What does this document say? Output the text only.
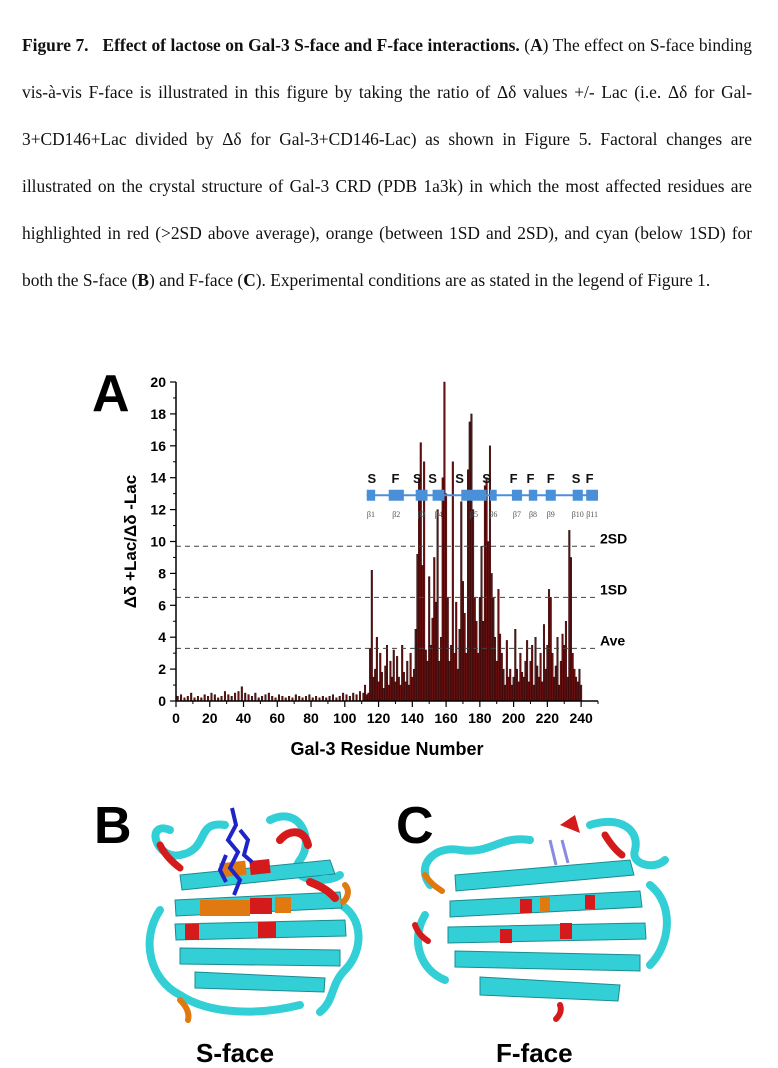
Figure 7. Effect of lactose on Gal-3 S-face and F-face interactions. (A) The effect on S-face binding vis-à-vis F-face is illustrated in this figure by taking the ratio of Δδ values +/- Lac (i.e. Δδ for Gal-3+CD146+Lac divided by Δδ for Gal-3+CD146-Lac) as shown in Figure 5. Factoral changes are illustrated on the crystal structure of Gal-3 CRD (PDB 1a3k) in which the most affected residues are highlighted in red (>2SD above average), orange (between 1SD and 2SD), and cyan (below 1SD) for both the S-face (B) and F-face (C). Experimental conditions are as stated in the legend of Figure 1.
A
Ave
1SD
2SD
0
2
4
6
8
10
12
14
16
18
20
0 20 40 60 80 100 120 140 160 180 200 220 240
β1 β2 β3 β4	β5 β6 β7 β8 β9 β10 β11
S F S S S S F F F S F
Δδ +Lac/Δδ -Lac
Gal-3 Residue Number
B
S-face
C
F-face
